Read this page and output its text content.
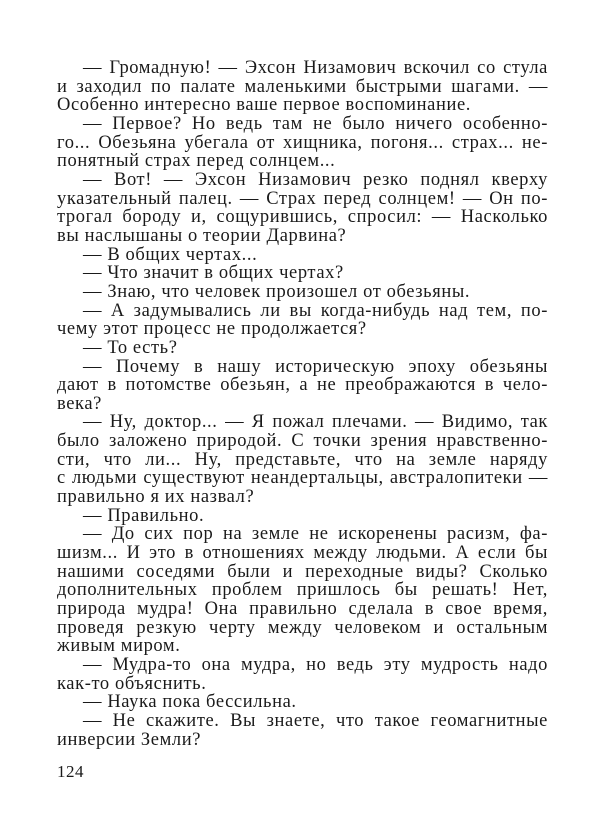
— Громадную! — Эхсон Низамович вскочил со стула
и заходил по палате маленькими быстрыми шагами. —
Особенно интересно ваше первое воспоминание.
— Первое? Но ведь там не было ничего особенно-
го... Обезьяна убегала от хищника, погоня... страх... не-
понятный страх перед солнцем...
— Вот! — Эхсон Низамович резко поднял кверху
указательный палец. — Страх перед солнцем! — Он по-
трогал бороду и, сощурившись, спросил: — Насколько
вы наслышаны о теории Дарвина?
— В общих чертах...
— Что значит в общих чертах?
— Знаю, что человек произошел от обезьяны.
— А задумывались ли вы когда-нибудь над тем, по-
чему этот процесс не продолжается?
— То есть?
— Почему в нашу историческую эпоху обезьяны
дают в потомстве обезьян, а не преображаются в чело-
века?
— Ну, доктор... — Я пожал плечами. — Видимо, так
было заложено природой. С точки зрения нравственно-
сти, что ли... Ну, представьте, что на земле наряду
с людьми существуют неандертальцы, австралопитеки —
правильно я их назвал?
— Правильно.
— До сих пор на земле не искоренены расизм, фа-
шизм... И это в отношениях между людьми. А если бы
нашими соседями были и переходные виды? Сколько
дополнительных проблем пришлось бы решать! Нет,
природа мудра! Она правильно сделала в свое время,
проведя резкую черту между человеком и остальным
живым миром.
— Мудра-то она мудра, но ведь эту мудрость надо
как-то объяснить.
— Наука пока бессильна.
— Не скажите. Вы знаете, что такое геомагнитные
инверсии Земли?
124
